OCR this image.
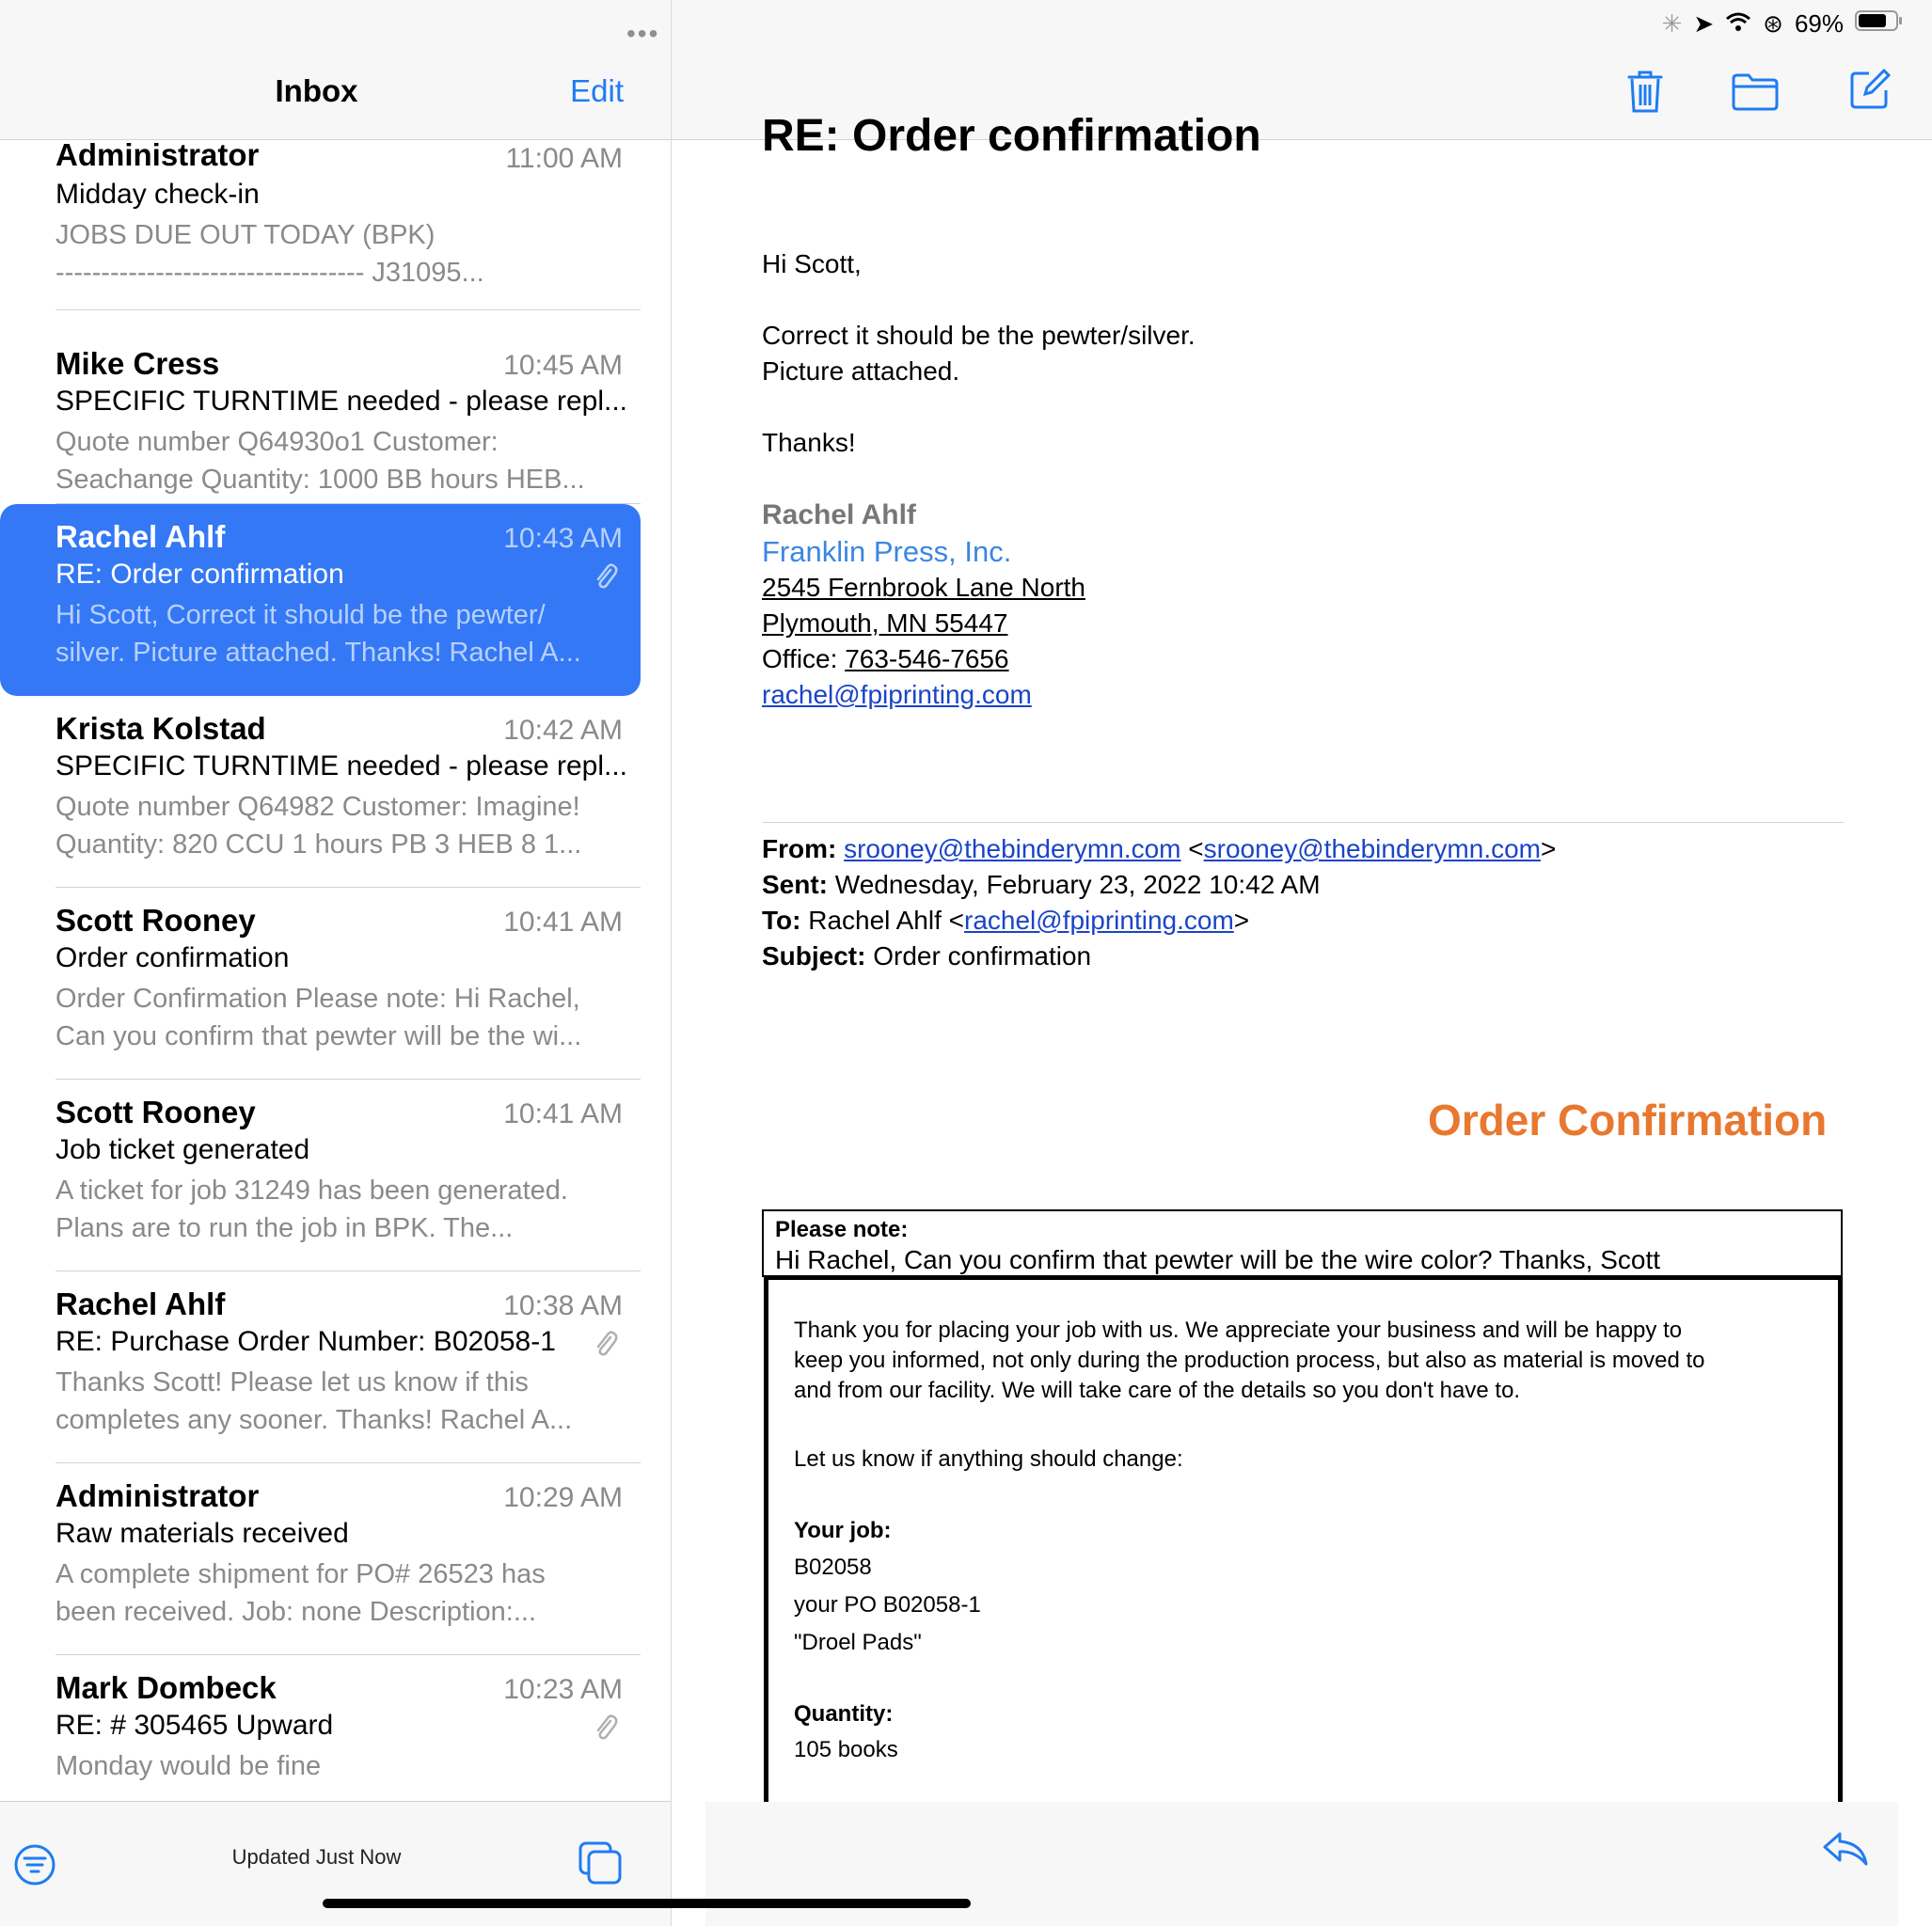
•••
Inbox	Edit
Administrator	11:00 AM
Midday check-in
JOBS DUE OUT TODAY (BPK)
---------------------------------- J31095...
Mike Cress	10:45 AM
SPECIFIC TURNTIME needed - please repl...
Quote number Q64930o1 Customer:
Seachange Quantity: 1000 BB hours HEB...
Rachel Ahlf	10:43 AM
RE: Order confirmation
Hi Scott, Correct it should be the pewter/
silver. Picture attached. Thanks! Rachel A...
Krista Kolstad	10:42 AM
SPECIFIC TURNTIME needed - please repl...
Quote number Q64982 Customer: Imagine!
Quantity: 820 CCU 1 hours PB 3 HEB 8 1...
Scott Rooney	10:41 AM
Order confirmation
Order Confirmation Please note: Hi Rachel,
Can you confirm that pewter will be the wi...
Scott Rooney	10:41 AM
Job ticket generated
A ticket for job 31249 has been generated.
Plans are to run the job in BPK. The...
Rachel Ahlf	10:38 AM
RE: Purchase Order Number: B02058-1
Thanks Scott! Please let us know if this
completes any sooner. Thanks! Rachel A...
Administrator	10:29 AM
Raw materials received
A complete shipment for PO# 26523 has
been received. Job: none Description:...
Mark Dombeck	10:23 AM
RE: # 305465 Upward
Monday would be fine
Updated Just Now
✳ ➤ ⊛ 69%
RE: Order confirmation
Hi Scott,
Correct it should be the pewter/silver.
Picture attached.
Thanks!
Rachel Ahlf
Franklin Press, Inc.
2545 Fernbrook Lane North
Plymouth, MN 55447
Office: 763-546-7656
rachel@fpiprinting.com
From: srooney@thebinderymn.com <srooney@thebinderymn.com>
Sent: Wednesday, February 23, 2022 10:42 AM
To: Rachel Ahlf <rachel@fpiprinting.com>
Subject: Order confirmation
Order Confirmation
Please note:
Hi Rachel, Can you confirm that pewter will be the wire color? Thanks, Scott
Thank you for placing your job with us. We appreciate your business and will be happy to
keep you informed, not only during the production process, but also as material is moved to
and from our facility. We will take care of the details so you don't have to.
Let us know if anything should change:
Your job:
B02058
your PO B02058-1
"Droel Pads"
Quantity:
105 books
